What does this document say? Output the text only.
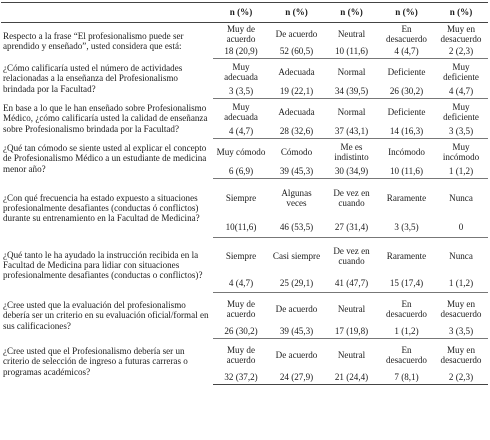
	n (%)	n (%)	n (%)	n (%)	n (%)
Respecto a la frase “El profesionalismo puede ser aprendido y enseñado”, usted considera que está:	Muy de acuerdo	De acuerdo	Neutral	En desacuerdo	Muy en desacuerdo
	18 (20,9)	52 (60,5)	10 (11,6)	4 (4,7)	2 (2,3)
¿Cómo calificaría usted el número de actividades relacionadas a la enseñanza del Profesionalismo brindada por la Facultad?	Muy adecuada	Adecuada	Normal	Deficiente	Muy deficiente
	3 (3,5)	19 (22,1)	34 (39,5)	26 (30,2)	4 (4,7)
En base a lo que le han enseñado sobre Profesionalismo Médico, ¿cómo calificaría usted la calidad de enseñanza sobre Profesionalismo brindada por la Facultad?	Muy adecuada	Adecuada	Normal	Deficiente	Muy deficiente
	4 (4,7)	28 (32,6)	37 (43,1)	14 (16,3)	3 (3,5)
¿Qué tan cómodo se siente usted al explicar el concepto de Profesionalismo Médico a un estudiante de medicina menor año?	Muy cómodo	Cómodo	Me es indistinto	Incómodo	Muy incómodo
	6 (6,9)	39 (45,3)	30 (34,9)	10 (11,6)	1 (1,2)
¿Con qué frecuencia ha estado expuesto a situaciones profesionalmente desafiantes (conductas ó conflictos) durante su entrenamiento en la Facultad de Medicina?	Siempre	Algunas veces	De vez en cuando	Raramente	Nunca
	10(11,6)	46 (53,5)	27 (31,4)	3 (3,5)	0
¿Qué tanto le ha ayudado la instrucción recibida en la Facultad de Medicina para lidiar con situaciones profesionalmente desafiantes (conductas o conflictos)?	Siempre	Casi siempre	De vez en cuando	Raramente	Nunca
	4 (4,7)	25 (29,1)	41 (47,7)	15 (17,4)	1 (1,2)
¿Cree usted que la evaluación del profesionalismo debería ser un criterio en su evaluación oficial/formal en sus calificaciones?	Muy de acuerdo	De acuerdo	Neutral	En desacuerdo	Muy en desacuerdo
	26 (30,2)	39 (45,3)	17 (19,8)	1 (1,2)	3 (3,5)
¿Cree usted que el Profesionalismo debería ser un criterio de selección de ingreso a futuras carreras o programas académicos?	Muy de acuerdo	De acuerdo	Neutral	En desacuerdo	Muy en desacuerdo
	32 (37,2)	24 (27,9)	21 (24,4)	7 (8,1)	2 (2,3)
